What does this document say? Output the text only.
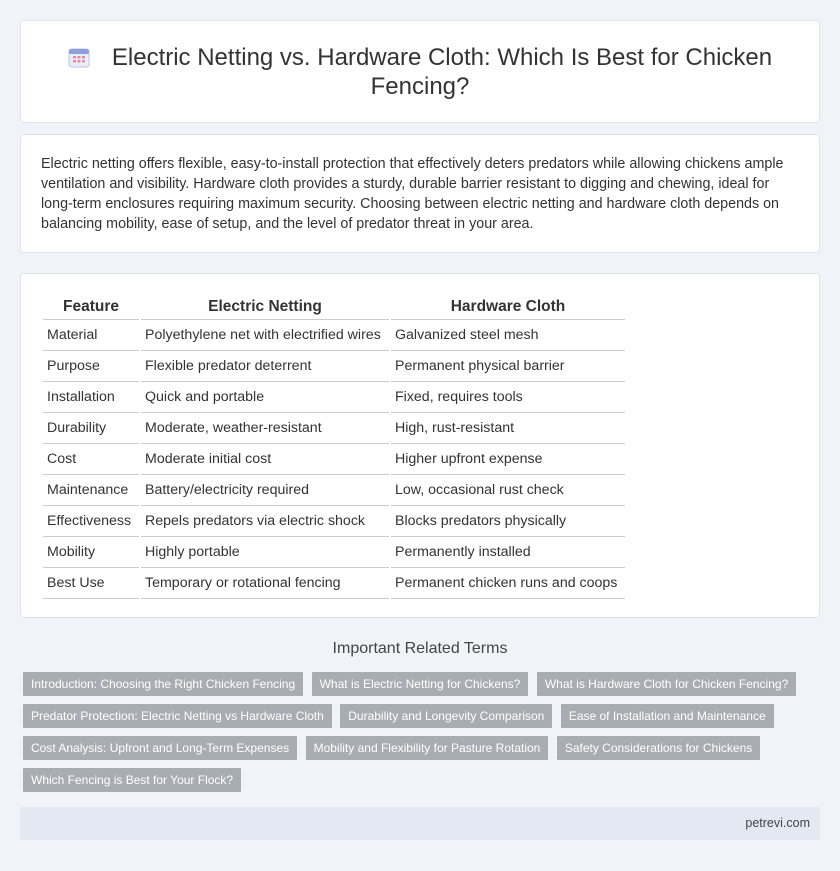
Electric Netting vs. Hardware Cloth: Which Is Best for Chicken Fencing?

Electric netting offers flexible, easy-to-install protection that effectively deters predators while allowing chickens ample ventilation and visibility. Hardware cloth provides a sturdy, durable barrier resistant to digging and chewing, ideal for long-term enclosures requiring maximum security. Choosing between electric netting and hardware cloth depends on balancing mobility, ease of setup, and the level of predator threat in your area.

Feature	Electric Netting	Hardware Cloth
Material	Polyethylene net with electrified wires	Galvanized steel mesh
Purpose	Flexible predator deterrent	Permanent physical barrier
Installation	Quick and portable	Fixed, requires tools
Durability	Moderate, weather-resistant	High, rust-resistant
Cost	Moderate initial cost	Higher upfront expense
Maintenance	Battery/electricity required	Low, occasional rust check
Effectiveness	Repels predators via electric shock	Blocks predators physically
Mobility	Highly portable	Permanently installed
Best Use	Temporary or rotational fencing	Permanent chicken runs and coops
Important Related Terms
Introduction: Choosing the Right Chicken Fencing What is Electric Netting for Chickens? What is Hardware Cloth for Chicken Fencing? Predator Protection: Electric Netting vs Hardware Cloth Durability and Longevity Comparison Ease of Installation and Maintenance Cost Analysis: Upfront and Long-Term Expenses Mobility and Flexibility for Pasture Rotation Safety Considerations for Chickens Which Fencing is Best for Your Flock?
petrevi.com
